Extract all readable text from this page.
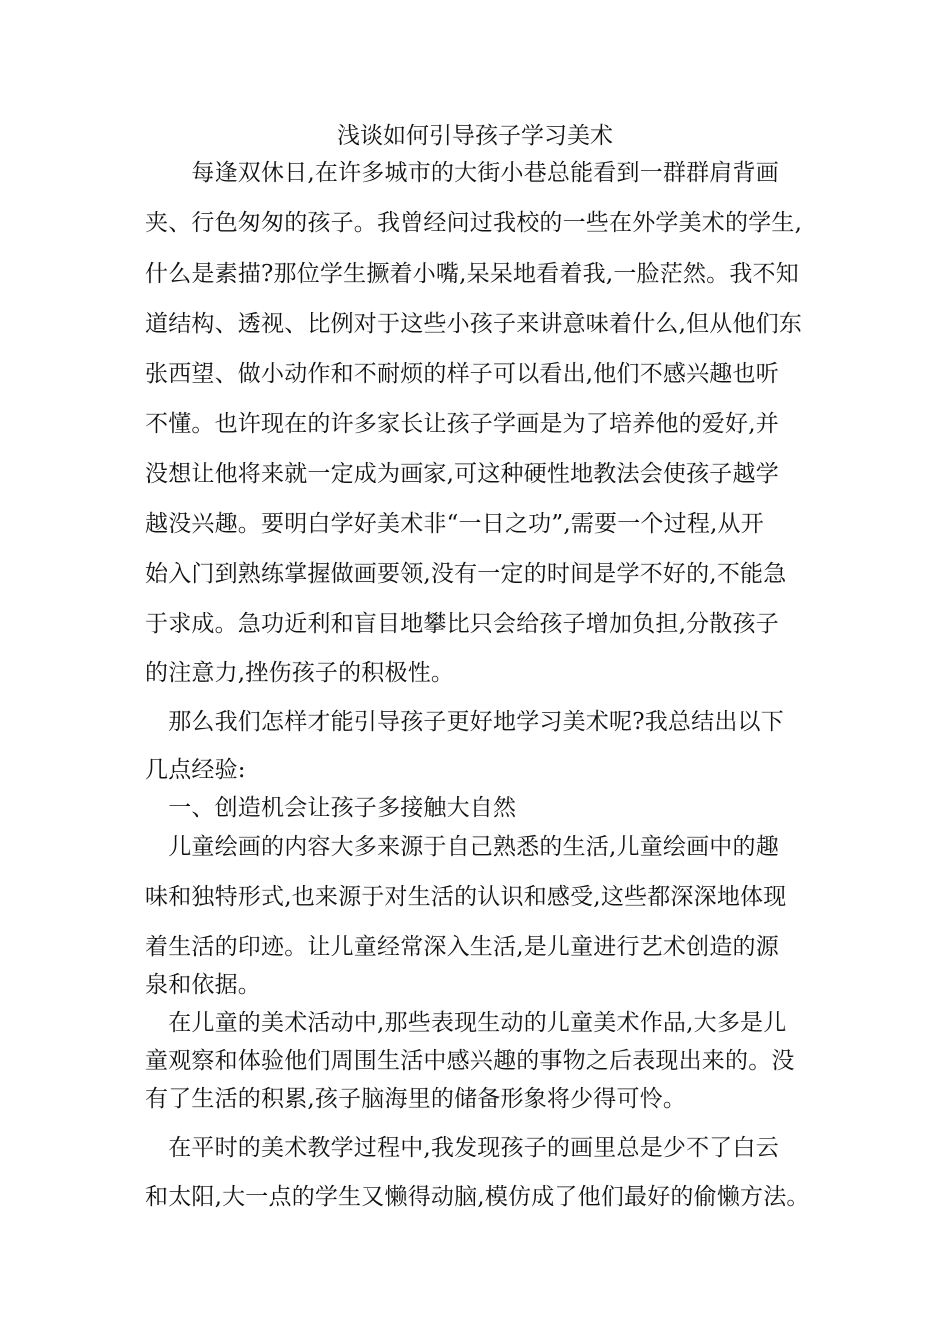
浅谈如何引导孩子学习美术
　　每逢双休日,在许多城市的大街小巷总能看到一群群肩背画
夹、行色匆匆的孩子。我曾经问过我校的一些在外学美术的学生,
什么是素描?那位学生撅着小嘴,呆呆地看着我,一脸茫然。我不知
道结构、透视、比例对于这些小孩子来讲意味着什么,但从他们东
张西望、做小动作和不耐烦的样子可以看出,他们不感兴趣也听
不懂。也许现在的许多家长让孩子学画是为了培养他的爱好,并
没想让他将来就一定成为画家,可这种硬性地教法会使孩子越学
越没兴趣。要明白学好美术非“一日之功”,需要一个过程,从开
始入门到熟练掌握做画要领,没有一定的时间是学不好的,不能急
于求成。急功近利和盲目地攀比只会给孩子增加负担,分散孩子
的注意力,挫伤孩子的积极性。
　那么我们怎样才能引导孩子更好地学习美术呢?我总结出以下
几点经验:
　一、创造机会让孩子多接触大自然
　儿童绘画的内容大多来源于自己熟悉的生活,儿童绘画中的趣
味和独特形式,也来源于对生活的认识和感受,这些都深深地体现
着生活的印迹。让儿童经常深入生活,是儿童进行艺术创造的源
泉和依据。
　在儿童的美术活动中,那些表现生动的儿童美术作品,大多是儿
童观察和体验他们周围生活中感兴趣的事物之后表现出来的。没
有了生活的积累,孩子脑海里的储备形象将少得可怜。
　在平时的美术教学过程中,我发现孩子的画里总是少不了白云
和太阳,大一点的学生又懒得动脑,模仿成了他们最好的偷懒方法。
